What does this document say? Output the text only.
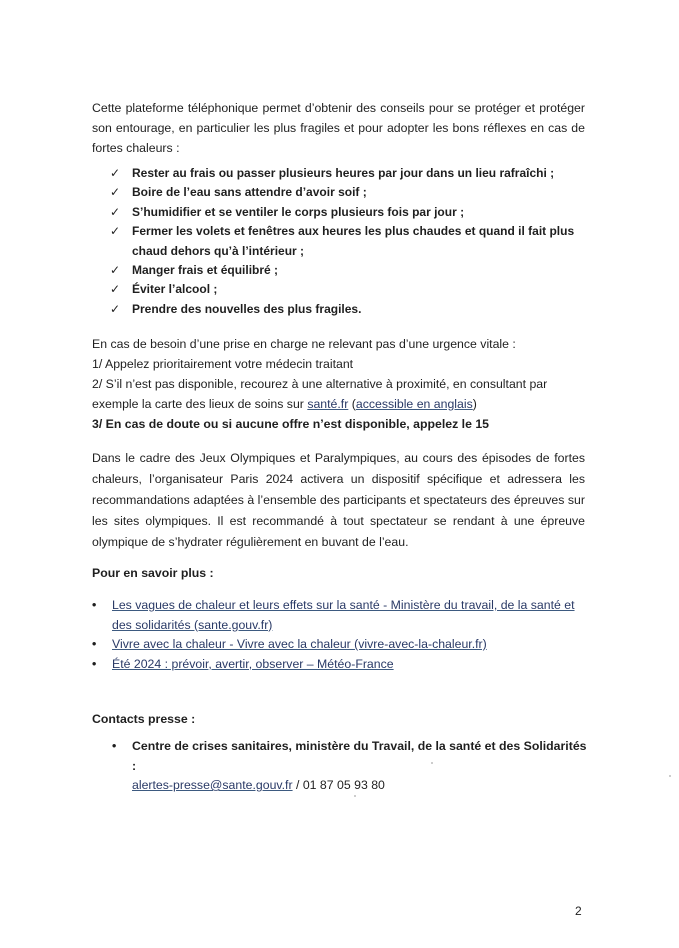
Cette plateforme téléphonique permet d’obtenir des conseils pour se protéger et protéger son entourage, en particulier les plus fragiles et pour adopter les bons réflexes en cas de fortes chaleurs :

✓ Rester au frais ou passer plusieurs heures par jour dans un lieu rafraîchi ;
✓ Boire de l’eau sans attendre d’avoir soif ;
✓ S’humidifier et se ventiler le corps plusieurs fois par jour ;
✓ Fermer les volets et fenêtres aux heures les plus chaudes et quand il fait plus chaud dehors qu’à l’intérieur ;
✓ Manger frais et équilibré ;
✓ Éviter l’alcool ;
✓ Prendre des nouvelles des plus fragiles.
En cas de besoin d’une prise en charge ne relevant pas d’une urgence vitale :
1/ Appelez prioritairement votre médecin traitant
2/ S’il n’est pas disponible, recourez à une alternative à proximité, en consultant par exemple la carte des lieux de soins sur santé.fr (accessible en anglais)
3/ En cas de doute ou si aucune offre n’est disponible, appelez le 15

Dans le cadre des Jeux Olympiques et Paralympiques, au cours des épisodes de fortes chaleurs, l’organisateur Paris 2024 activera un dispositif spécifique et adressera les recommandations adaptées à l’ensemble des participants et spectateurs des épreuves sur les sites olympiques. Il est recommandé à tout spectateur se rendant à une épreuve olympique de s’hydrater régulièrement en buvant de l’eau.

Pour en savoir plus :

• Les vagues de chaleur et leurs effets sur la santé - Ministère du travail, de la santé et des solidarités (sante.gouv.fr)
• Vivre avec la chaleur - Vivre avec la chaleur (vivre-avec-la-chaleur.fr)
• Été 2024 : prévoir, avertir, observer – Météo-France

Contacts presse :

• Centre de crises sanitaires, ministère du Travail, de la santé et des Solidarités :
alertes-presse@sante.gouv.fr / 01 87 05 93 80
2
